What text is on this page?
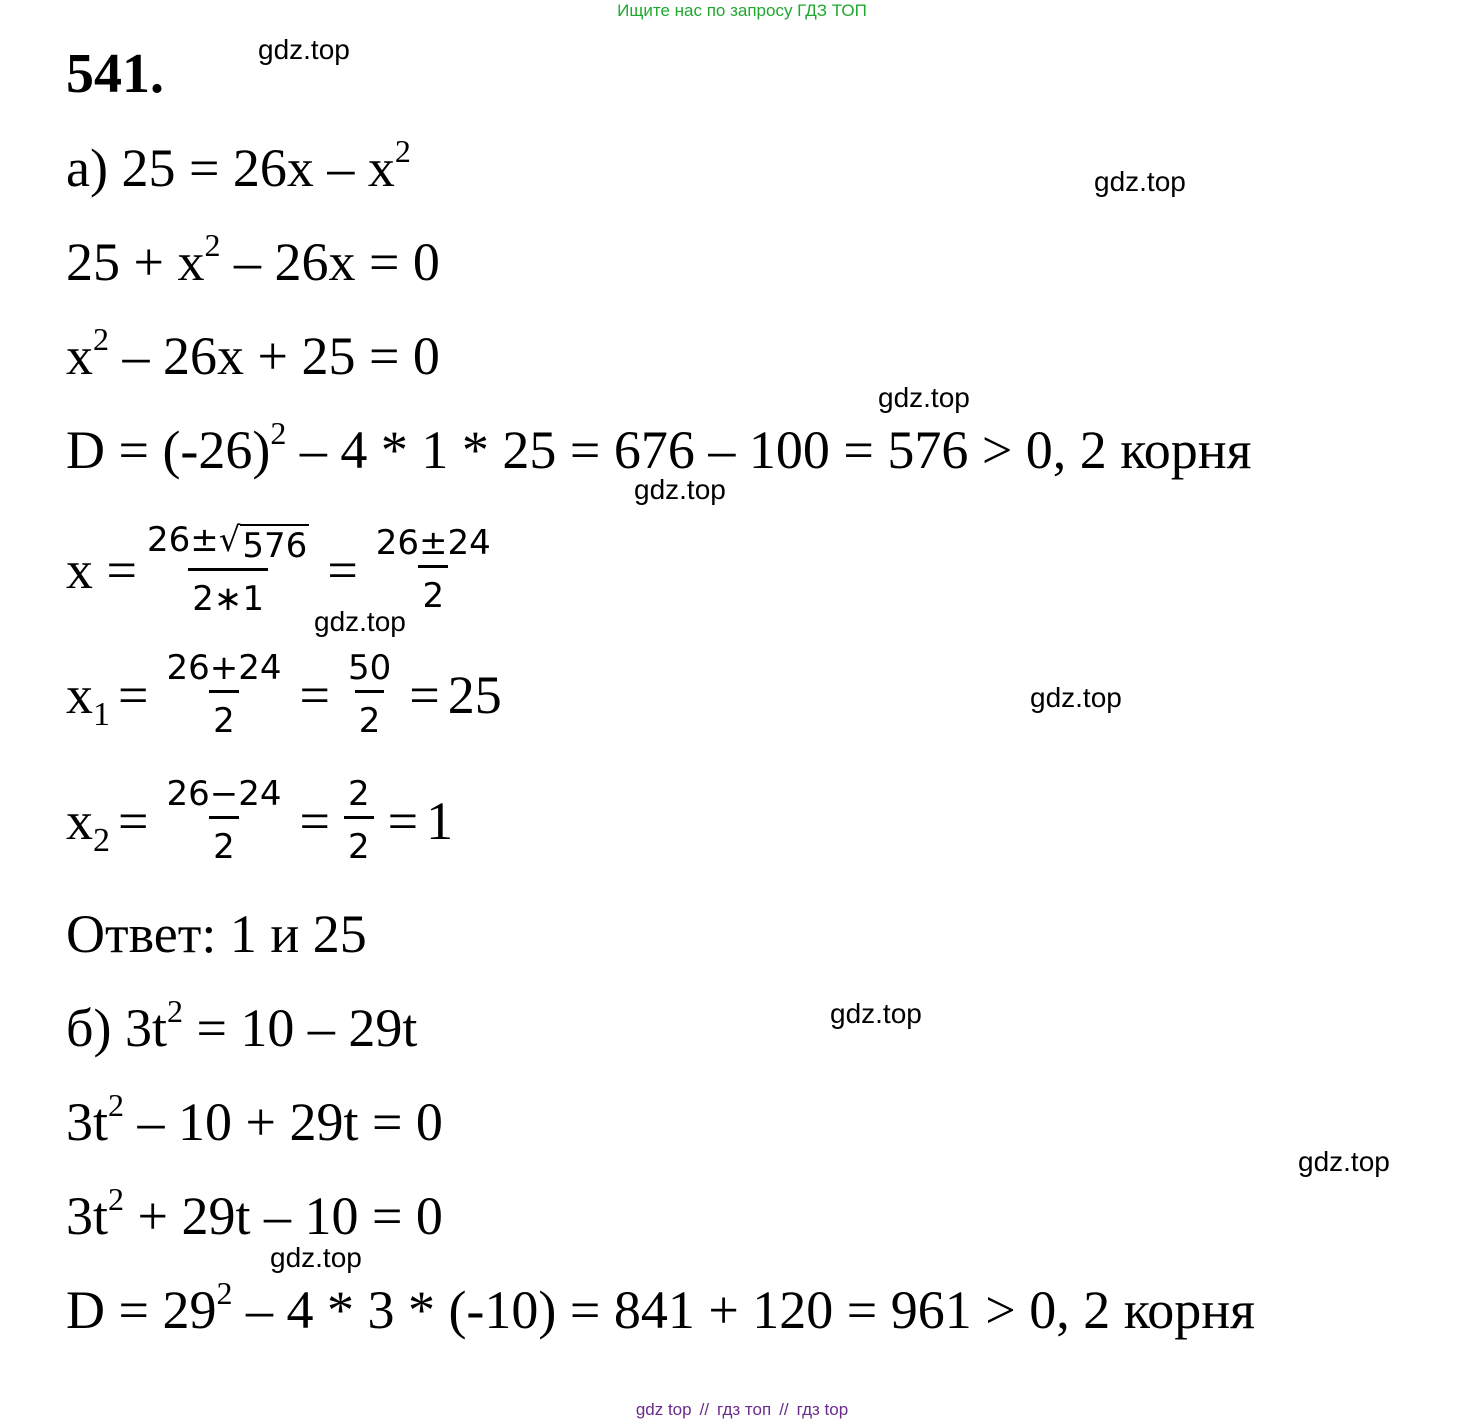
Ищите нас по запросу ГДЗ ТОП
541.	gdz.top
gdz.top
gdz.top
gdz.top
gdz.top
gdz.top
gdz.top
gdz.top
gdz.top
а) $25 = 26x - x^2$
$25 + x^2 - 26x = 0$
$x^2 - 26x + 25 = 0$
$D = (-26)^2 - 4 * 1 * 25 = 676 - 100 = 576 > 0$, 2 корня
$x = \frac{26\pm√ 576}{2∗1} = \frac{26\pm 24}{2}$
$x_1 = \frac{26+24}{2} = \frac{50}{2} = 25$
$x_2 = \frac{26-24}{2} = \frac{2}{2} = 1$
Ответ: 1 и 25
б) $3t^2 = 10 - 29t$
$3t^2 - 10 + 29t = 0$
$3t^2 + 29t - 10 = 0$
$D = 29^2 - 4 * 3 * (-10) = 841 + 120 = 961 > 0$, 2 корня
gdz top // гдз топ // гдз top
